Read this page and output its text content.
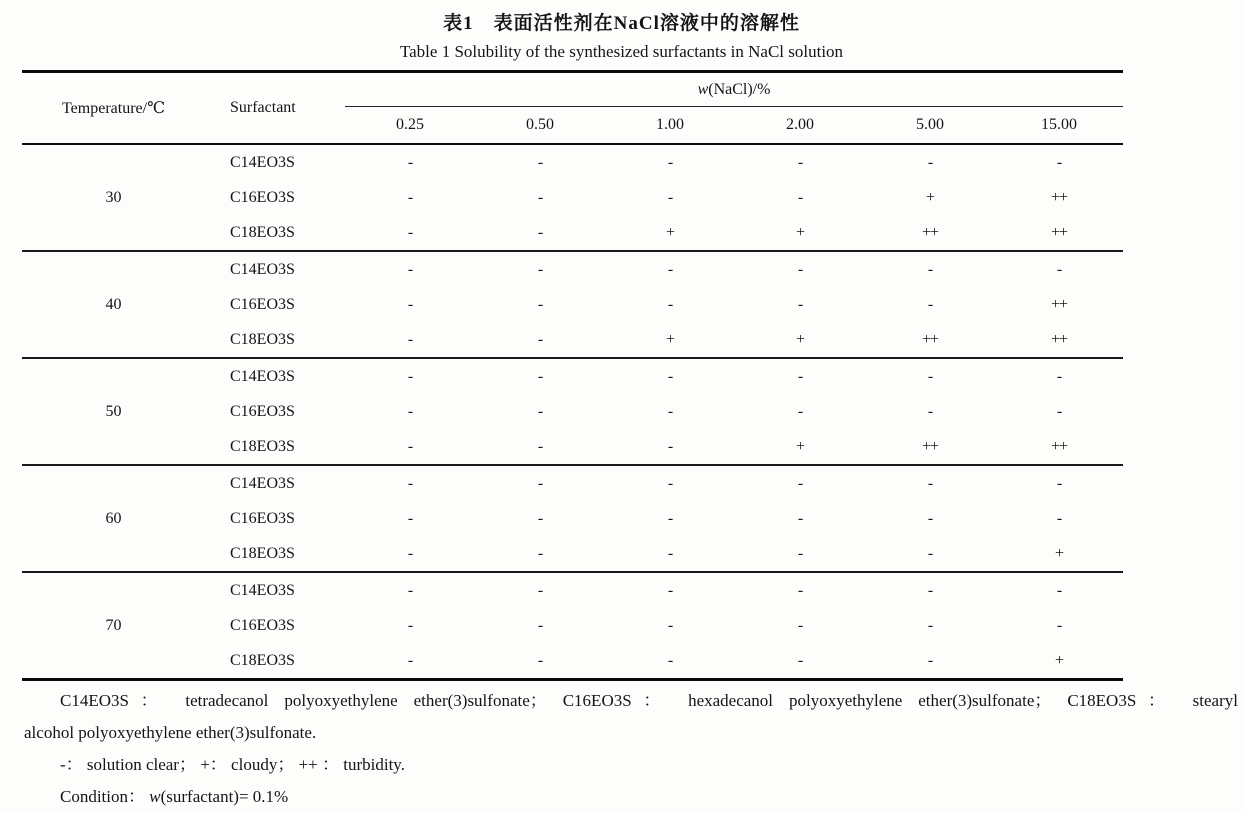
表1　表面活性剂在NaCl溶液中的溶解性
Table 1 Solubility of the synthesized surfactants in NaCl solution
Temperature/℃	Surfactant	w(NaCl)/%					
		0.25	0.50	1.00	2.00	5.00	15.00
30	C14EO3S	-	-	-	-	-	-
	C16EO3S	-	-	-	-	+	++
	C18EO3S	-	-	+	+	++	++
40	C14EO3S	-	-	-	-	-	-
	C16EO3S	-	-	-	-	-	++
	C18EO3S	-	-	+	+	++	++
50	C14EO3S	-	-	-	-	-	-
	C16EO3S	-	-	-	-	-	-
	C18EO3S	-	-	-	+	++	++
60	C14EO3S	-	-	-	-	-	-
	C16EO3S	-	-	-	-	-	-
	C18EO3S	-	-	-	-	-	+
70	C14EO3S	-	-	-	-	-	-
	C16EO3S	-	-	-	-	-	-
	C18EO3S	-	-	-	-	-	+

C14EO3S： tetradecanol polyoxyethylene ether(3)sulfonate； C16EO3S： hexadecanol polyoxyethylene ether(3)sulfonate； C18EO3S： stearyl
alcohol polyoxyethylene ether(3)sulfonate.

-： solution clear； +： cloudy； ++ ： turbidity.

Condition： w(surfactant)= 0.1%
